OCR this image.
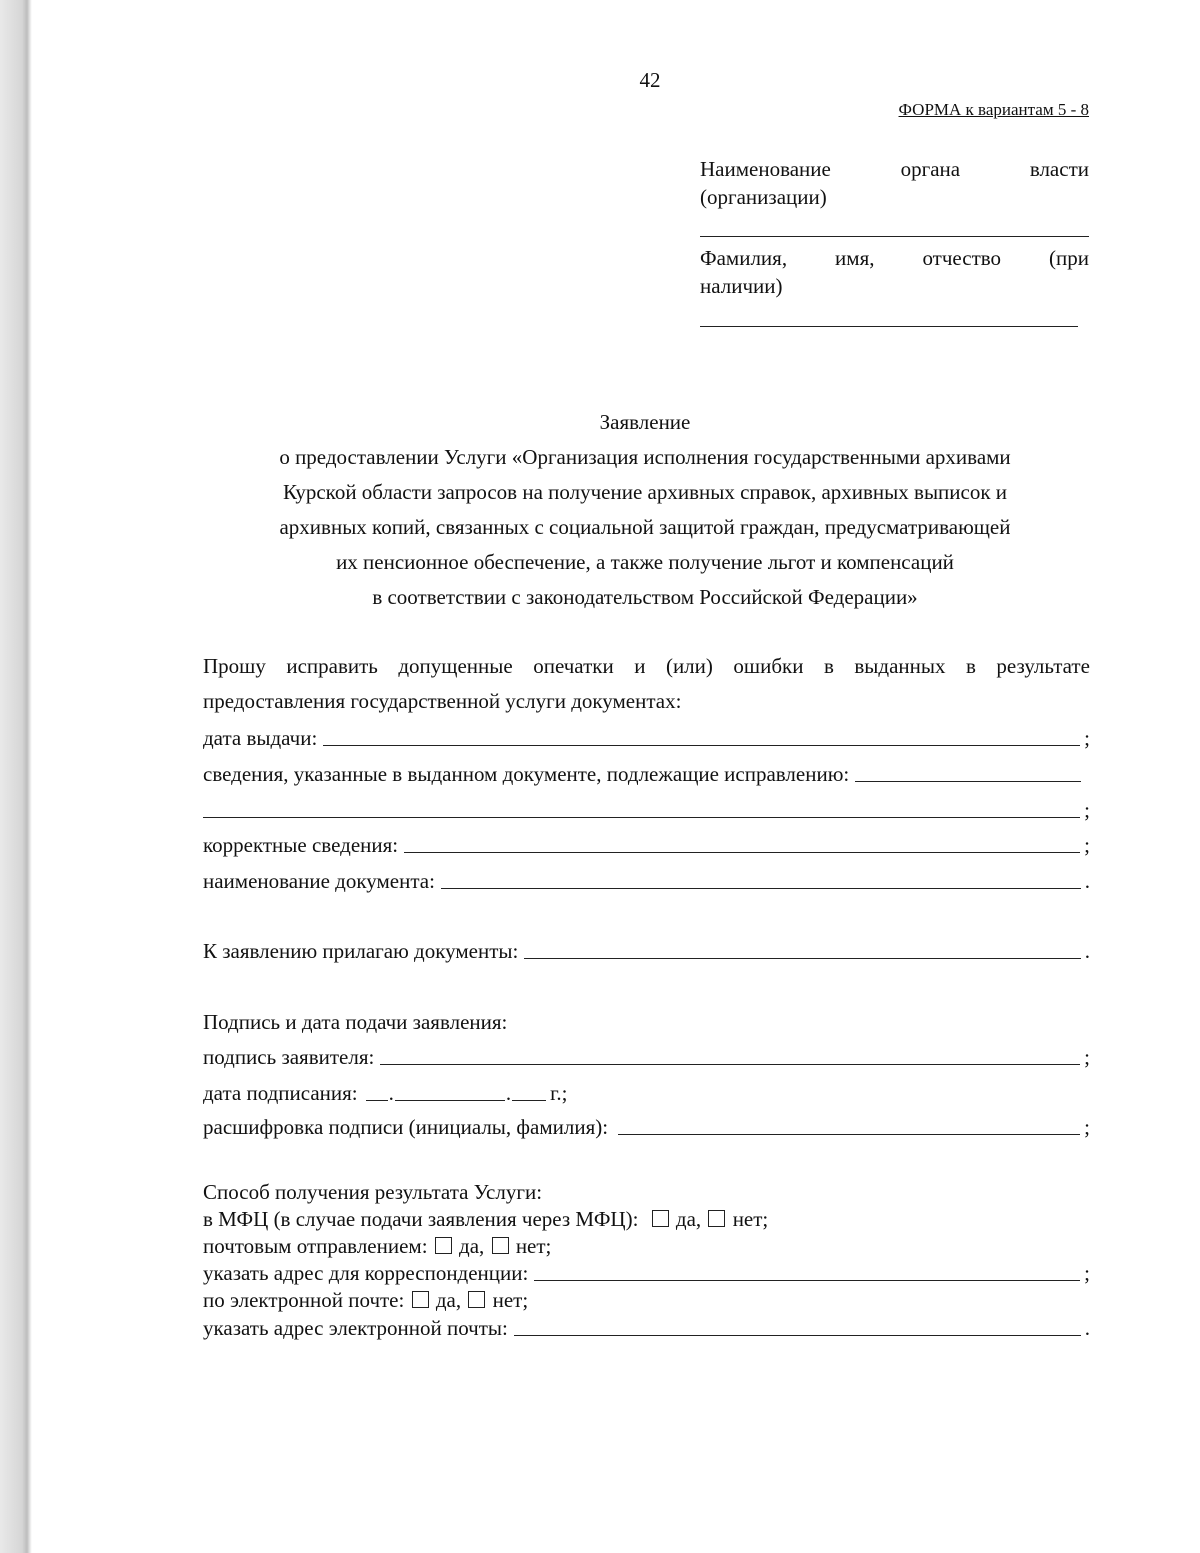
42
ФОРМА к вариантам 5 - 8
Наименование	органа	власти
(организации)
Фамилия, имя, отчество (при
наличии)
Заявление
о предоставлении Услуги «Организация исполнения государственными архивами
Курской области запросов на получение архивных справок, архивных выписок и
архивных копий, связанных с социальной защитой граждан, предусматривающей
их пенсионное обеспечение, а также получение льгот и компенсаций
в соответствии с законодательством Российской Федерации»
Прошу исправить допущенные опечатки и (или) ошибки в выданных в результате
предоставления государственной услуги документах:
дата выдачи:	;
сведения, указанные в выданном документе, подлежащие исправлению:
;
корректные сведения:	;
наименование документа:	.
К заявлению прилагаю документы:	.
Подпись и дата подачи заявления:
подпись заявителя:	;
дата подписания: .	. г.;
расшифровка подписи (инициалы, фамилия):	;
Способ получения результата Услуги:
в МФЦ (в случае подачи заявления через МФЦ): да, нет;
почтовым отправлением: да, нет;
указать адрес для корреспонденции:	;
по электронной почте: да, нет;
указать адрес электронной почты:	.
